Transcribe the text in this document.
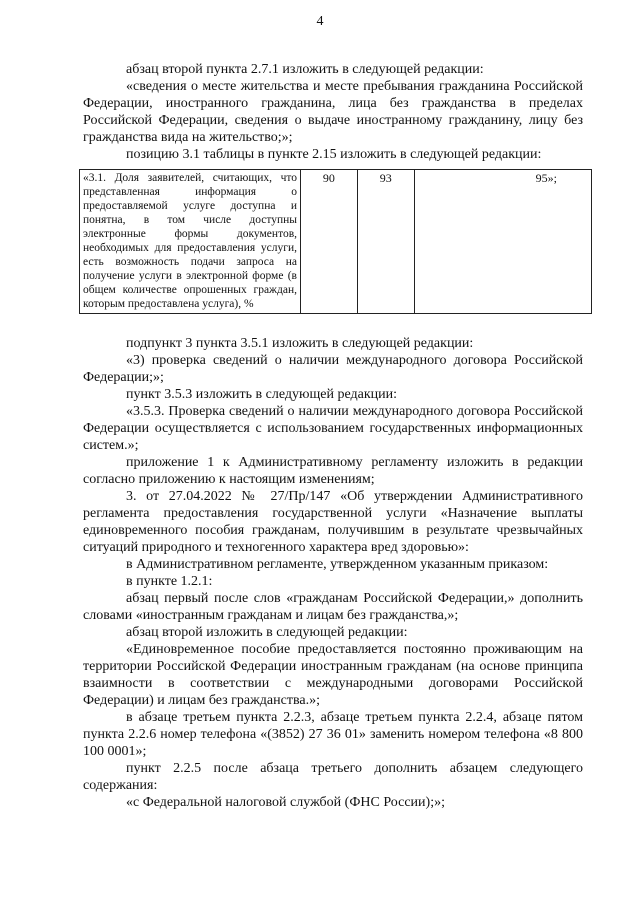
4

абзац второй пункта 2.7.1 изложить в следующей редакции:

«сведения о месте жительства и месте пребывания гражданина Российской Федерации, иностранного гражданина, лица без гражданства в пределах Российской Федерации, сведения о выдаче иностранному гражданину, лицу без гражданства вида на жительство;»;

позицию 3.1 таблицы в пункте 2.15 изложить в следующей редакции:

«3.1. Доля заявителей, считающих, что представленная информация о предоставляемой услуге доступна и понятна, в том числе доступны электронные формы документов, необходимых для предоставления услуги, есть возможность подачи запроса на получение услуги в электронной форме (в общем количестве опрошенных граждан, которым предоставлена услуга), %	90	93	95»;

подпункт 3 пункта 3.5.1 изложить в следующей редакции:

«3) проверка сведений о наличии международного договора Российской Федерации;»;

пункт 3.5.3 изложить в следующей редакции:

«3.5.3. Проверка сведений о наличии международного договора Российской Федерации осуществляется с использованием государственных информационных систем.»;

приложение 1 к Административному регламенту изложить в редакции согласно приложению к настоящим изменениям;

3. от 27.04.2022 № 27/Пр/147 «Об утверждении Административного регламента предоставления государственной услуги «Назначение выплаты единовременного пособия гражданам, получившим в результате чрезвычайных ситуаций природного и техногенного характера вред здоровью»:

в Административном регламенте, утвержденном указанным приказом:

в пункте 1.2.1:

абзац первый после слов «гражданам Российской Федерации,» дополнить словами «иностранным гражданам и лицам без гражданства,»;

абзац второй изложить в следующей редакции:

«Единовременное пособие предоставляется постоянно проживающим на территории Российской Федерации иностранным гражданам (на основе принципа взаимности в соответствии с международными договорами Российской Федерации) и лицам без гражданства.»;

в абзаце третьем пункта 2.2.3, абзаце третьем пункта 2.2.4, абзаце пятом пункта 2.2.6 номер телефона «(3852) 27 36 01» заменить номером телефона «8 800 100 0001»;

пункт 2.2.5 после абзаца третьего дополнить абзацем следующего содержания:

«с Федеральной налоговой службой (ФНС России);»;
